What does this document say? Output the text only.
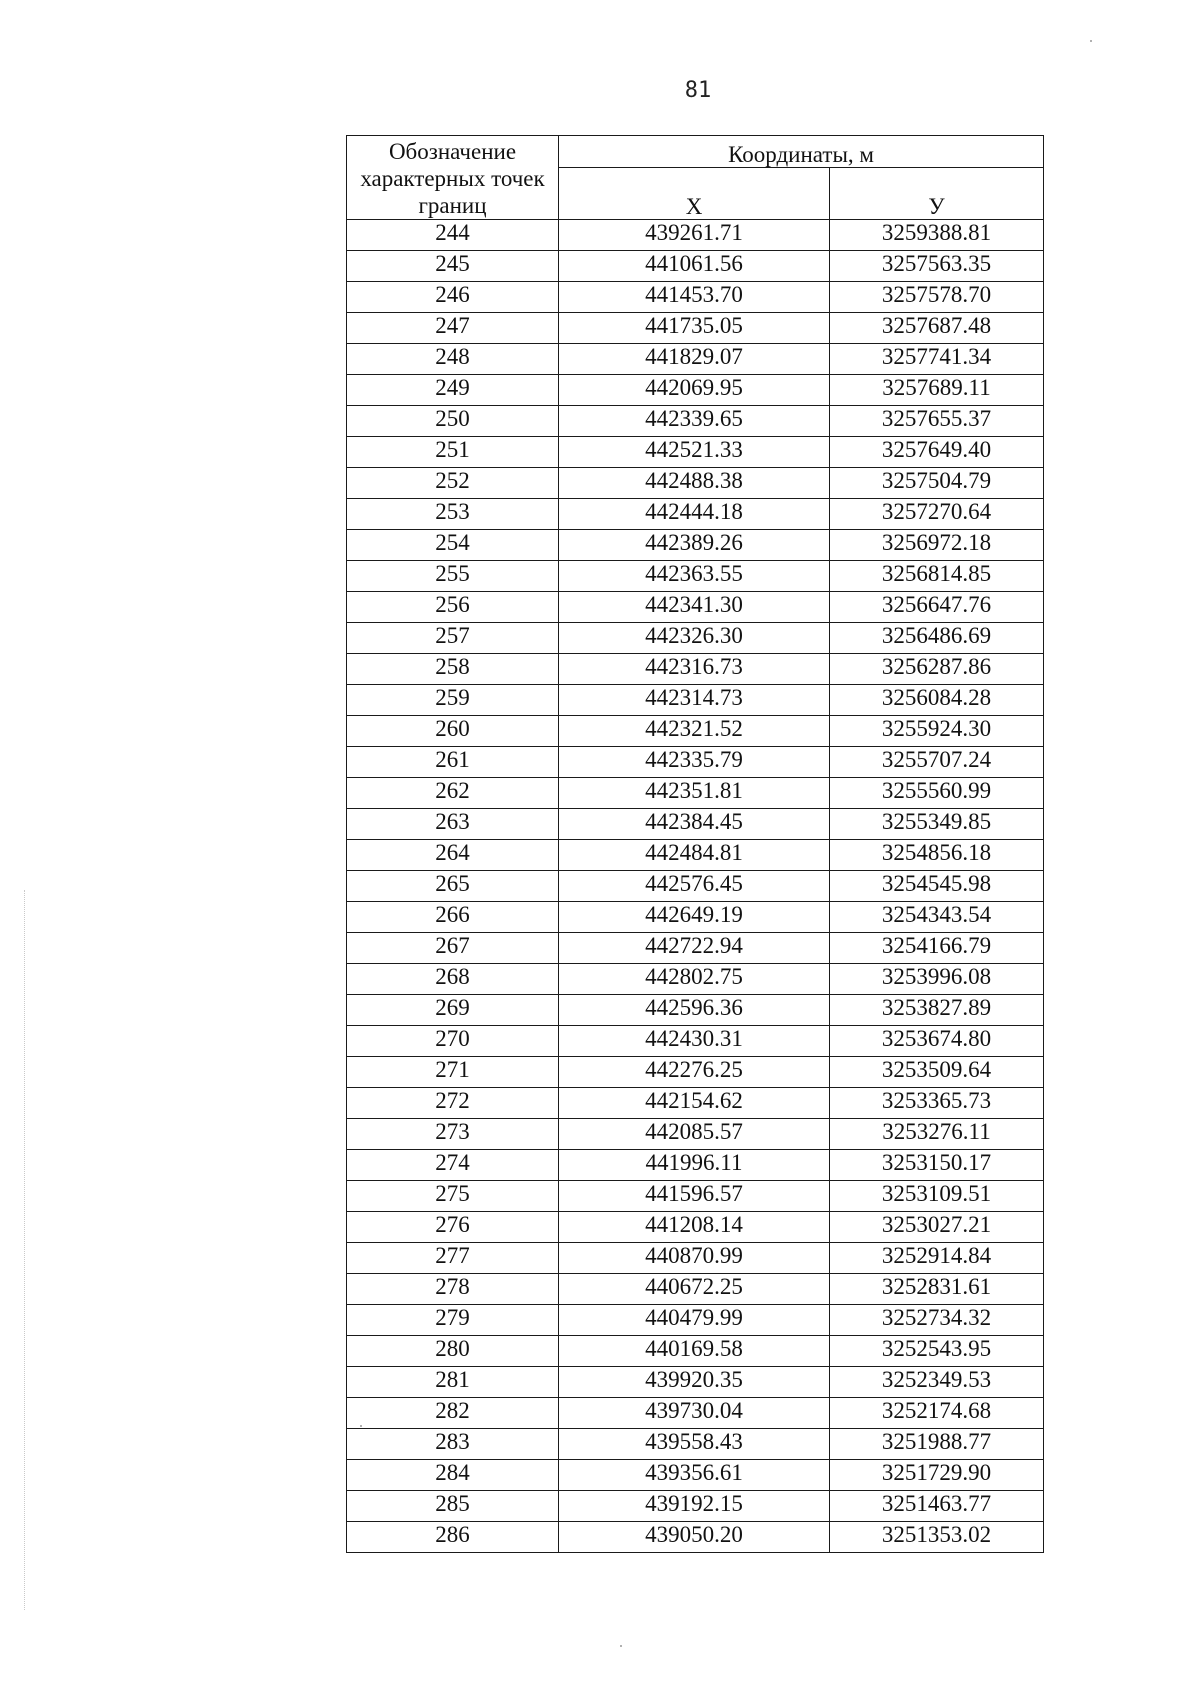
81
Обозначение характерных точек границ	Координаты, м	
	X	У
244	439261.71	3259388.81
245	441061.56	3257563.35
246	441453.70	3257578.70
247	441735.05	3257687.48
248	441829.07	3257741.34
249	442069.95	3257689.11
250	442339.65	3257655.37
251	442521.33	3257649.40
252	442488.38	3257504.79
253	442444.18	3257270.64
254	442389.26	3256972.18
255	442363.55	3256814.85
256	442341.30	3256647.76
257	442326.30	3256486.69
258	442316.73	3256287.86
259	442314.73	3256084.28
260	442321.52	3255924.30
261	442335.79	3255707.24
262	442351.81	3255560.99
263	442384.45	3255349.85
264	442484.81	3254856.18
265	442576.45	3254545.98
266	442649.19	3254343.54
267	442722.94	3254166.79
268	442802.75	3253996.08
269	442596.36	3253827.89
270	442430.31	3253674.80
271	442276.25	3253509.64
272	442154.62	3253365.73
273	442085.57	3253276.11
274	441996.11	3253150.17
275	441596.57	3253109.51
276	441208.14	3253027.21
277	440870.99	3252914.84
278	440672.25	3252831.61
279	440479.99	3252734.32
280	440169.58	3252543.95
281	439920.35	3252349.53
282	439730.04	3252174.68
283	439558.43	3251988.77
284	439356.61	3251729.90
285	439192.15	3251463.77
286	439050.20	3251353.02
